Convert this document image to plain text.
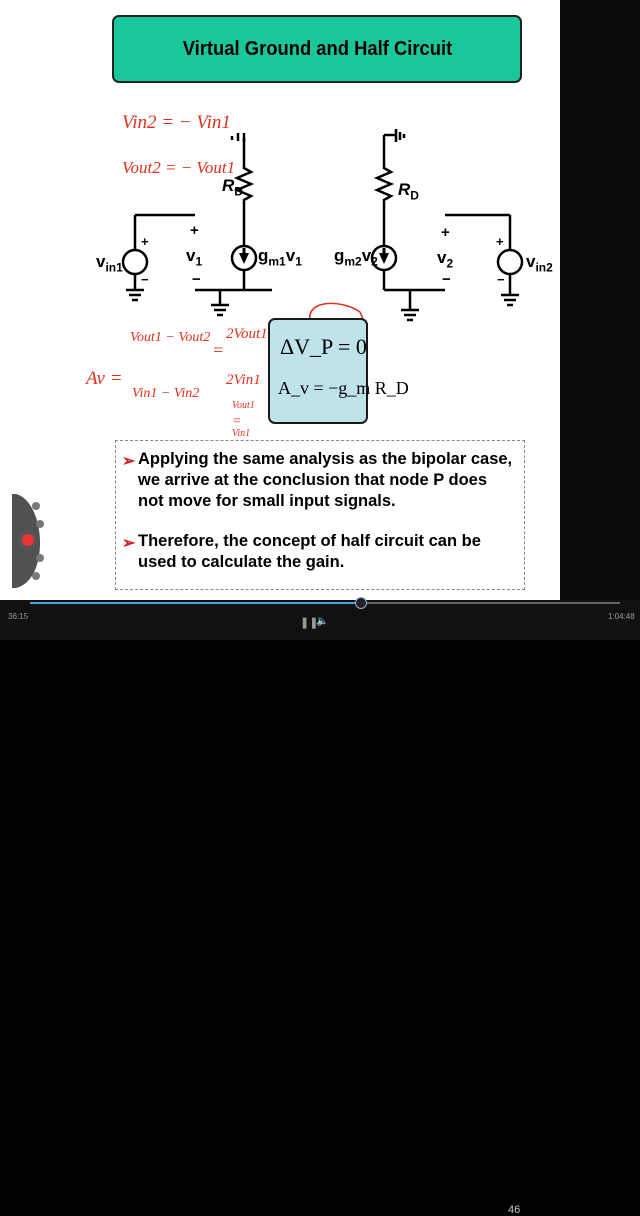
Virtual Ground and Half Circuit
$R_D$
$g_{m1}v_1$
$v_{in1}$
$v_1$
+
−
+
−
$R_D$
$g_{m2}v_2$	$v_2$	$v_{in2}$
+
−
+
−
Vin2 = − Vin1
Vout2 = − Vout1
Av =
Vout1 − Vout2
Vin1 − Vin2
=
2Vout1
2Vin1
=
Vout1
Vin1
ΔV_P = 0
A_v = −g_m R_D
➢ Applying the same analysis as the bipolar case, we arrive at the conclusion that node P does not move for small input signals.
➢ Therefore, the concept of half circuit can be used to calculate the gain.
46
36:15	1:04:48
❚❚
🔈
